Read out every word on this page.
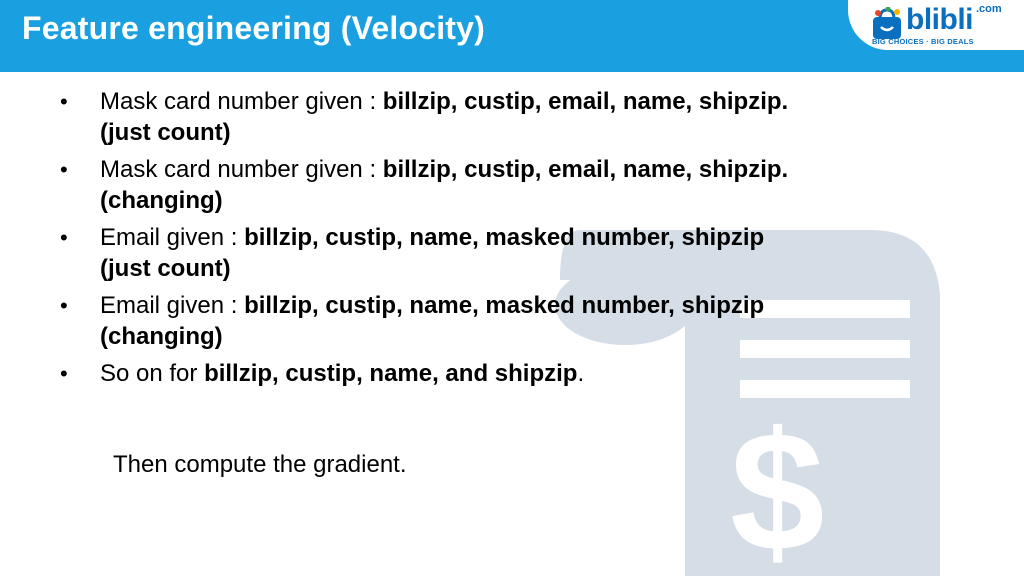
$
Feature engineering (Velocity)	blibli .com
BIG CHOICES · BIG DEALS
• Mask card number given : billzip, custip, email, name, shipzip.
(just count)
• Mask card number given : billzip, custip, email, name, shipzip.
(changing)
• Email given : billzip, custip, name, masked number, shipzip
(just count)
• Email given : billzip, custip, name, masked number, shipzip
(changing)
• So on for billzip, custip, name, and shipzip.
Then compute the gradient.
